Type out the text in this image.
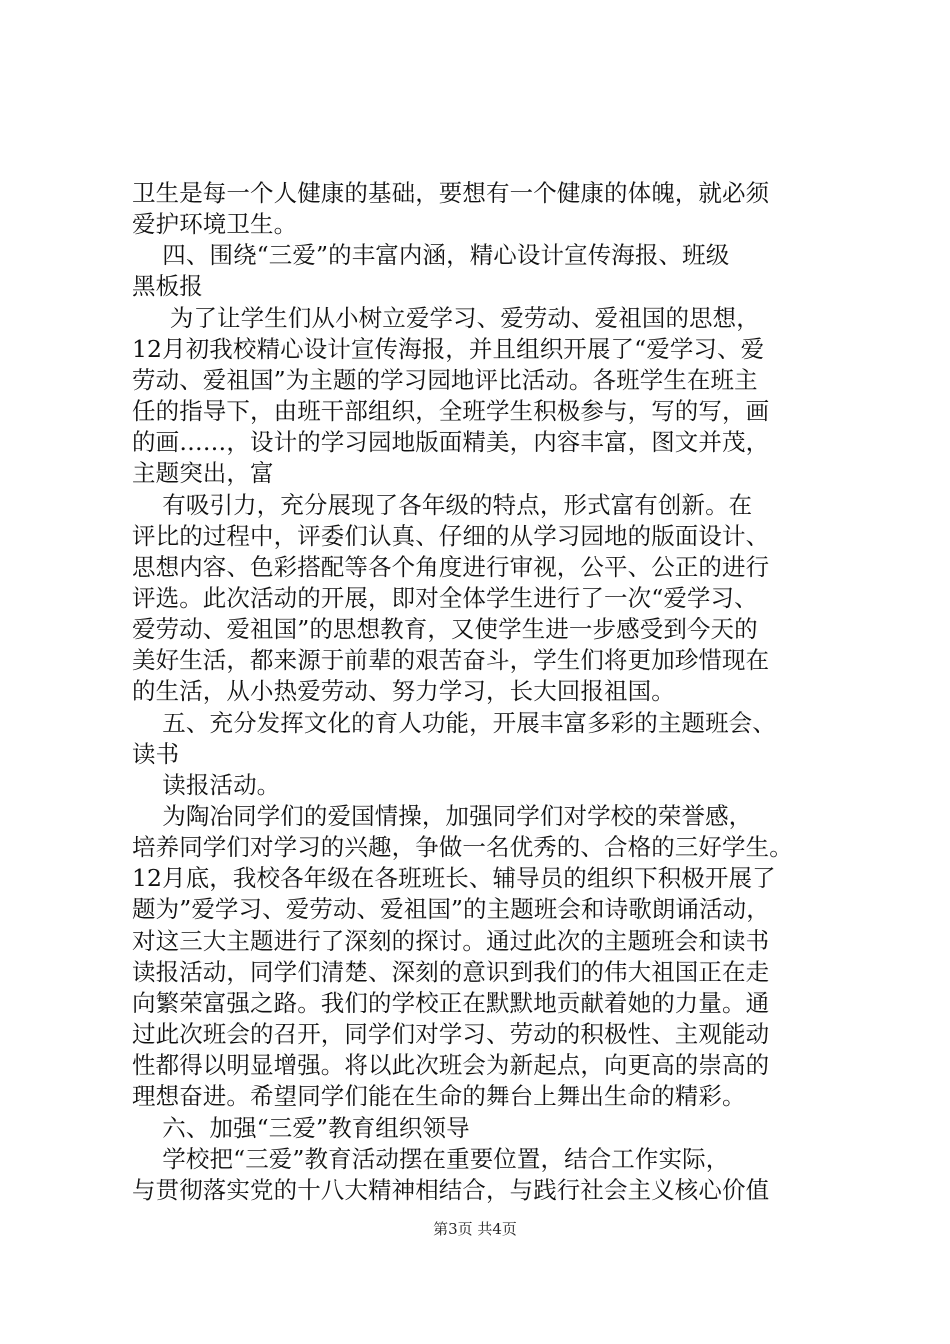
卫生是每一个人健康的基础，要想有一个健康的体魄，就必须
爱护环境卫生。
四、围绕“三爱”的丰富内涵，精心设计宣传海报、班级
黑板报
为了让学生们从小树立爱学习、爱劳动、爱祖国的思想，
12月初我校精心设计宣传海报，并且组织开展了“爱学习、爱
劳动、爱祖国”为主题的学习园地评比活动。各班学生在班主
任的指导下，由班干部组织，全班学生积极参与，写的写，画
的画……，设计的学习园地版面精美，内容丰富，图文并茂，
主题突出，富
有吸引力，充分展现了各年级的特点，形式富有创新。在
评比的过程中，评委们认真、仔细的从学习园地的版面设计、
思想内容、色彩搭配等各个角度进行审视，公平、公正的进行
评选。此次活动的开展，即对全体学生进行了一次“爱学习、
爱劳动、爱祖国”的思想教育，又使学生进一步感受到今天的
美好生活，都来源于前辈的艰苦奋斗，学生们将更加珍惜现在
的生活，从小热爱劳动、努力学习，长大回报祖国。
五、充分发挥文化的育人功能，开展丰富多彩的主题班会、
读书
读报活动。
为陶冶同学们的爱国情操，加强同学们对学校的荣誉感，
培养同学们对学习的兴趣，争做一名优秀的、合格的三好学生。
12月底，我校各年级在各班班长、辅导员的组织下积极开展了
题为”爱学习、爱劳动、爱祖国”的主题班会和诗歌朗诵活动，
对这三大主题进行了深刻的探讨。通过此次的主题班会和读书
读报活动，同学们清楚、深刻的意识到我们的伟大祖国正在走
向繁荣富强之路。我们的学校正在默默地贡献着她的力量。通
过此次班会的召开，同学们对学习、劳动的积极性、主观能动
性都得以明显增强。将以此次班会为新起点，向更高的崇高的
理想奋进。希望同学们能在生命的舞台上舞出生命的精彩。
六、加强“三爱”教育组织领导
学校把“三爱”教育活动摆在重要位置，结合工作实际，
与贯彻落实党的十八大精神相结合，与践行社会主义核心价值
第3页 共4页
